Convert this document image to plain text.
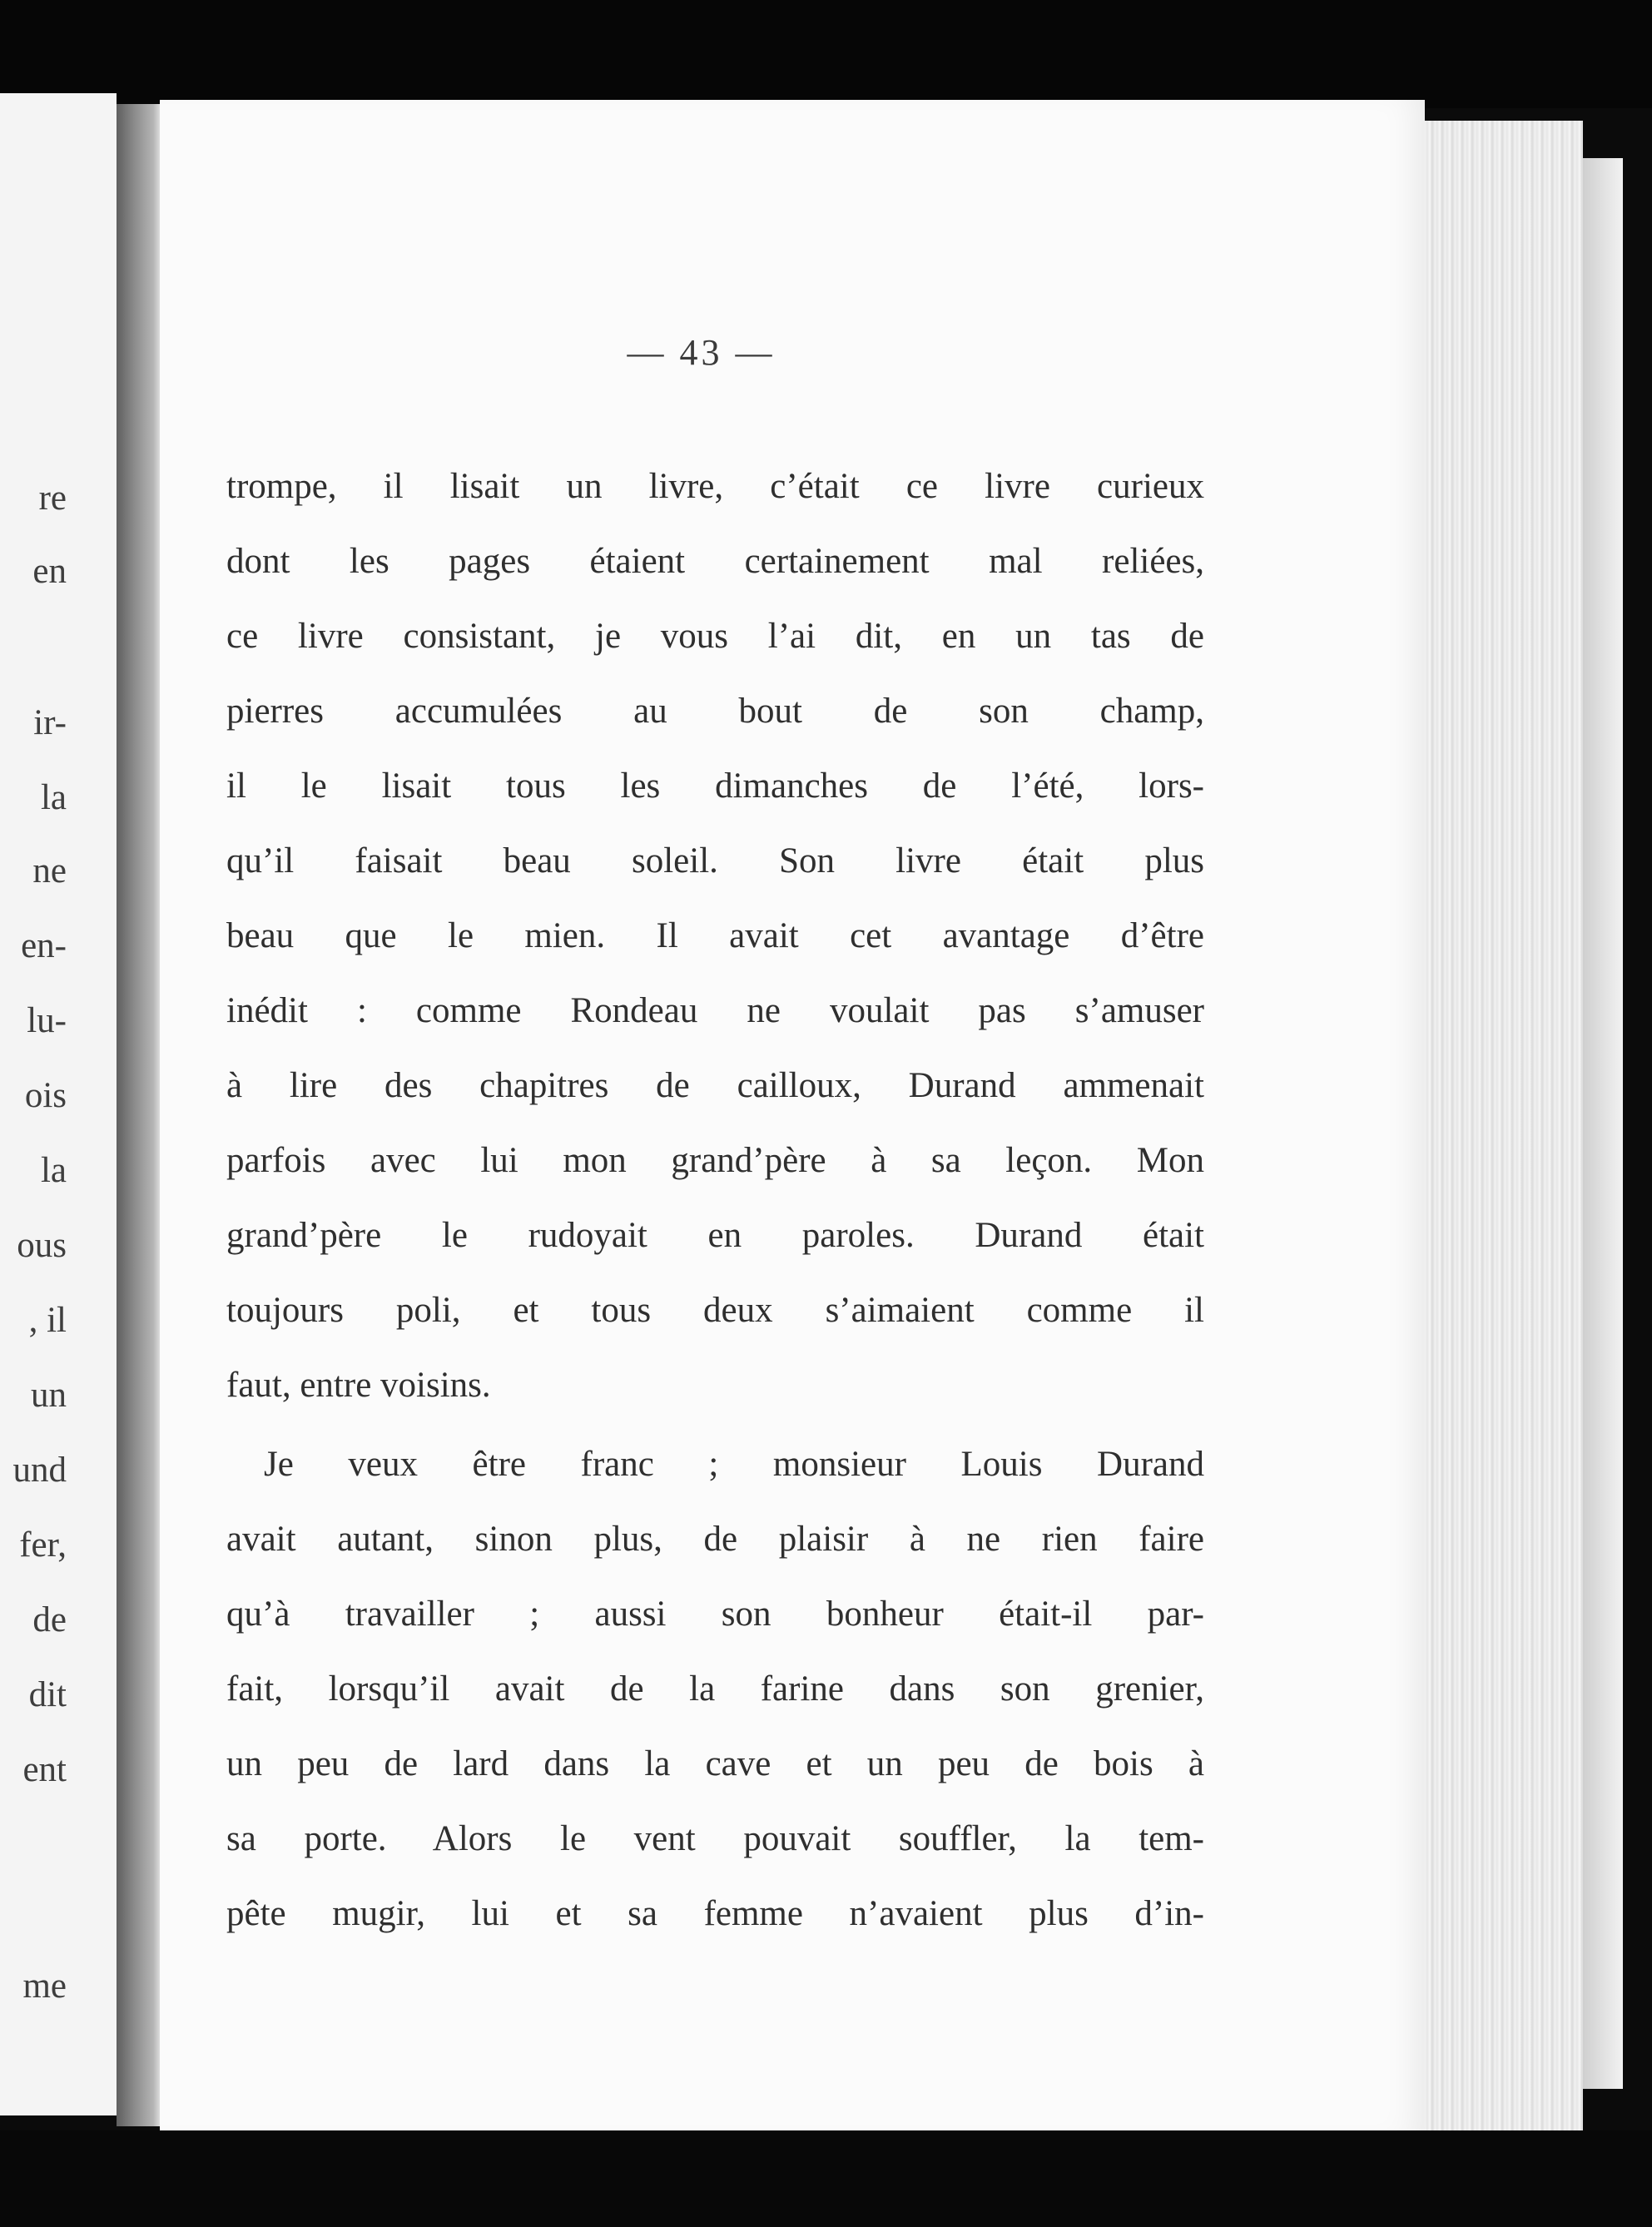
re
en
ir-
la
ne
en-
lu-
ois
la
ous
, il
un
und
fer,
de
dit
ent
me
— 43 —
trompe, il lisait un livre, c’était ce livre curieux
dont les pages étaient certainement mal reliées,
ce livre consistant, je vous l’ai dit, en un tas de
pierres accumulées au bout de son champ,
il le lisait tous les dimanches de l’été, lors-
qu’il faisait beau soleil. Son livre était plus
beau que le mien. Il avait cet avantage d’être
inédit : comme Rondeau ne voulait pas s’amuser
à lire des chapitres de cailloux, Durand ammenait
parfois avec lui mon grand’père à sa leçon. Mon
grand’père le rudoyait en paroles. Durand était
toujours poli, et tous deux s’aimaient comme il
faut, entre voisins.
Je veux être franc ; monsieur Louis Durand
avait autant, sinon plus, de plaisir à ne rien faire
qu’à travailler ; aussi son bonheur était-il par-
fait, lorsqu’il avait de la farine dans son grenier,
un peu de lard dans la cave et un peu de bois à
sa porte. Alors le vent pouvait souffler, la tem-
pête mugir, lui et sa femme n’avaient plus d’in-
